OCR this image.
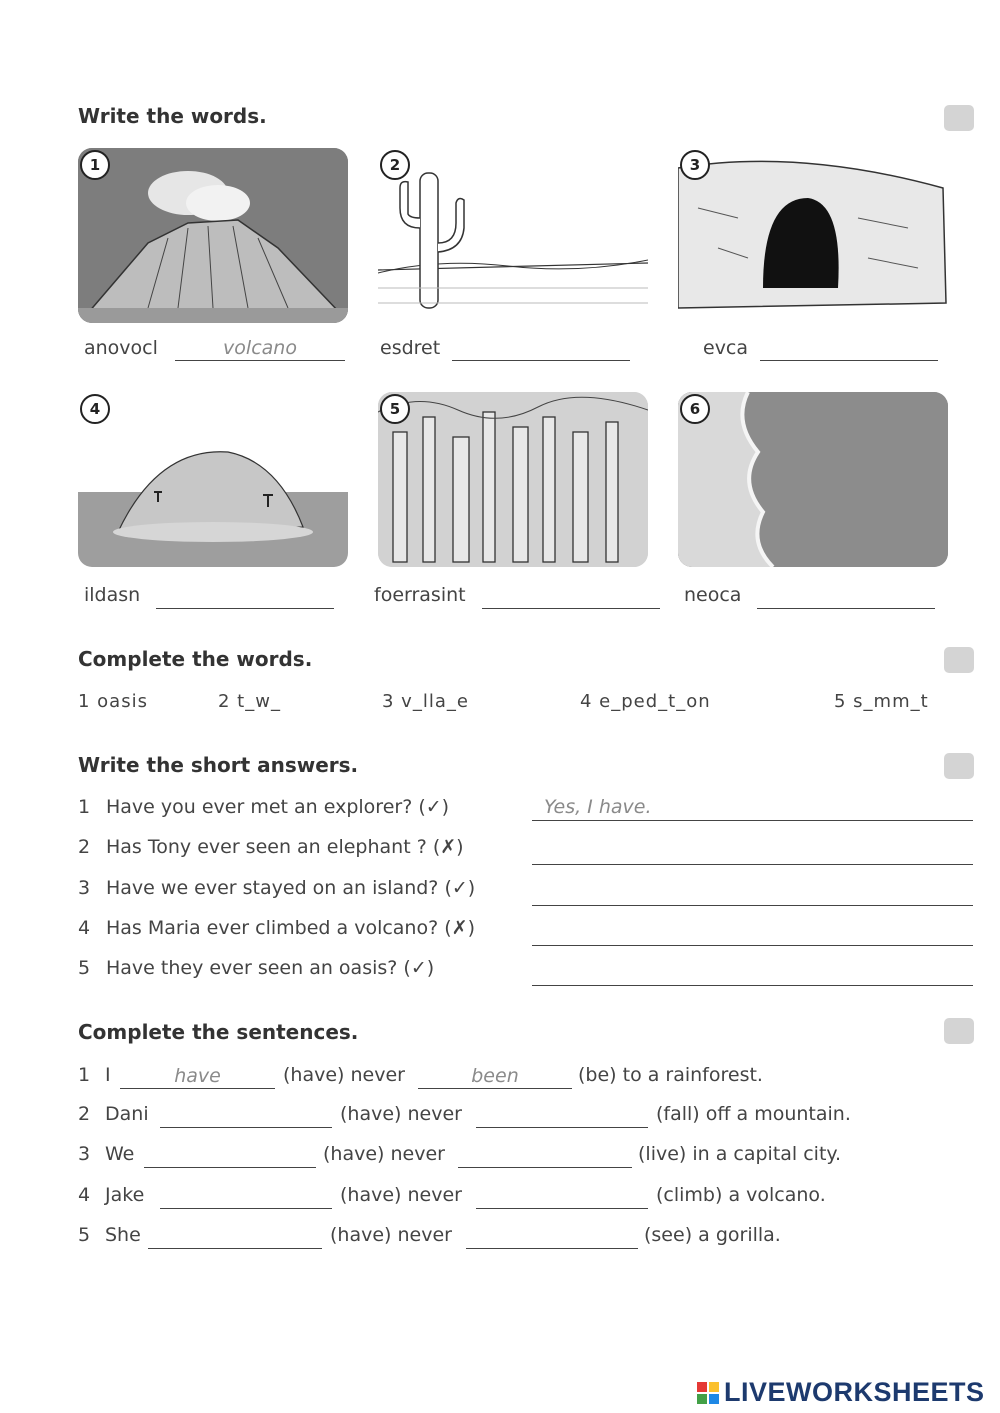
Write the words.
1	2	3
anovocl	volcano	esdret	evca
4	5	6
ildasn	foerrasint	neoca
Complete the words.
1 oasis	2 t_w_	3 v_lla_e	4 e_ped_t_on	5 s_mm_t
Write the short answers.
1 Have you ever met an explorer? (✓)	Yes, I have.
2 Has Tony ever seen an elephant ? (✗)
3 Have we ever stayed on an island? (✓)
4 Has Maria ever climbed a volcano? (✗)
5 Have they ever seen an oasis? (✓)
Complete the sentences.
1 I	have	(have) never	been	(be) to a rainforest.
2 Dani	(have) never	(fall) off a mountain.
3 We	(have) never	(live) in a capital city.
4 Jake	(have) never	(climb) a volcano.
5 She	(have) never	(see) a gorilla.
LIVEWORKSHEETS
